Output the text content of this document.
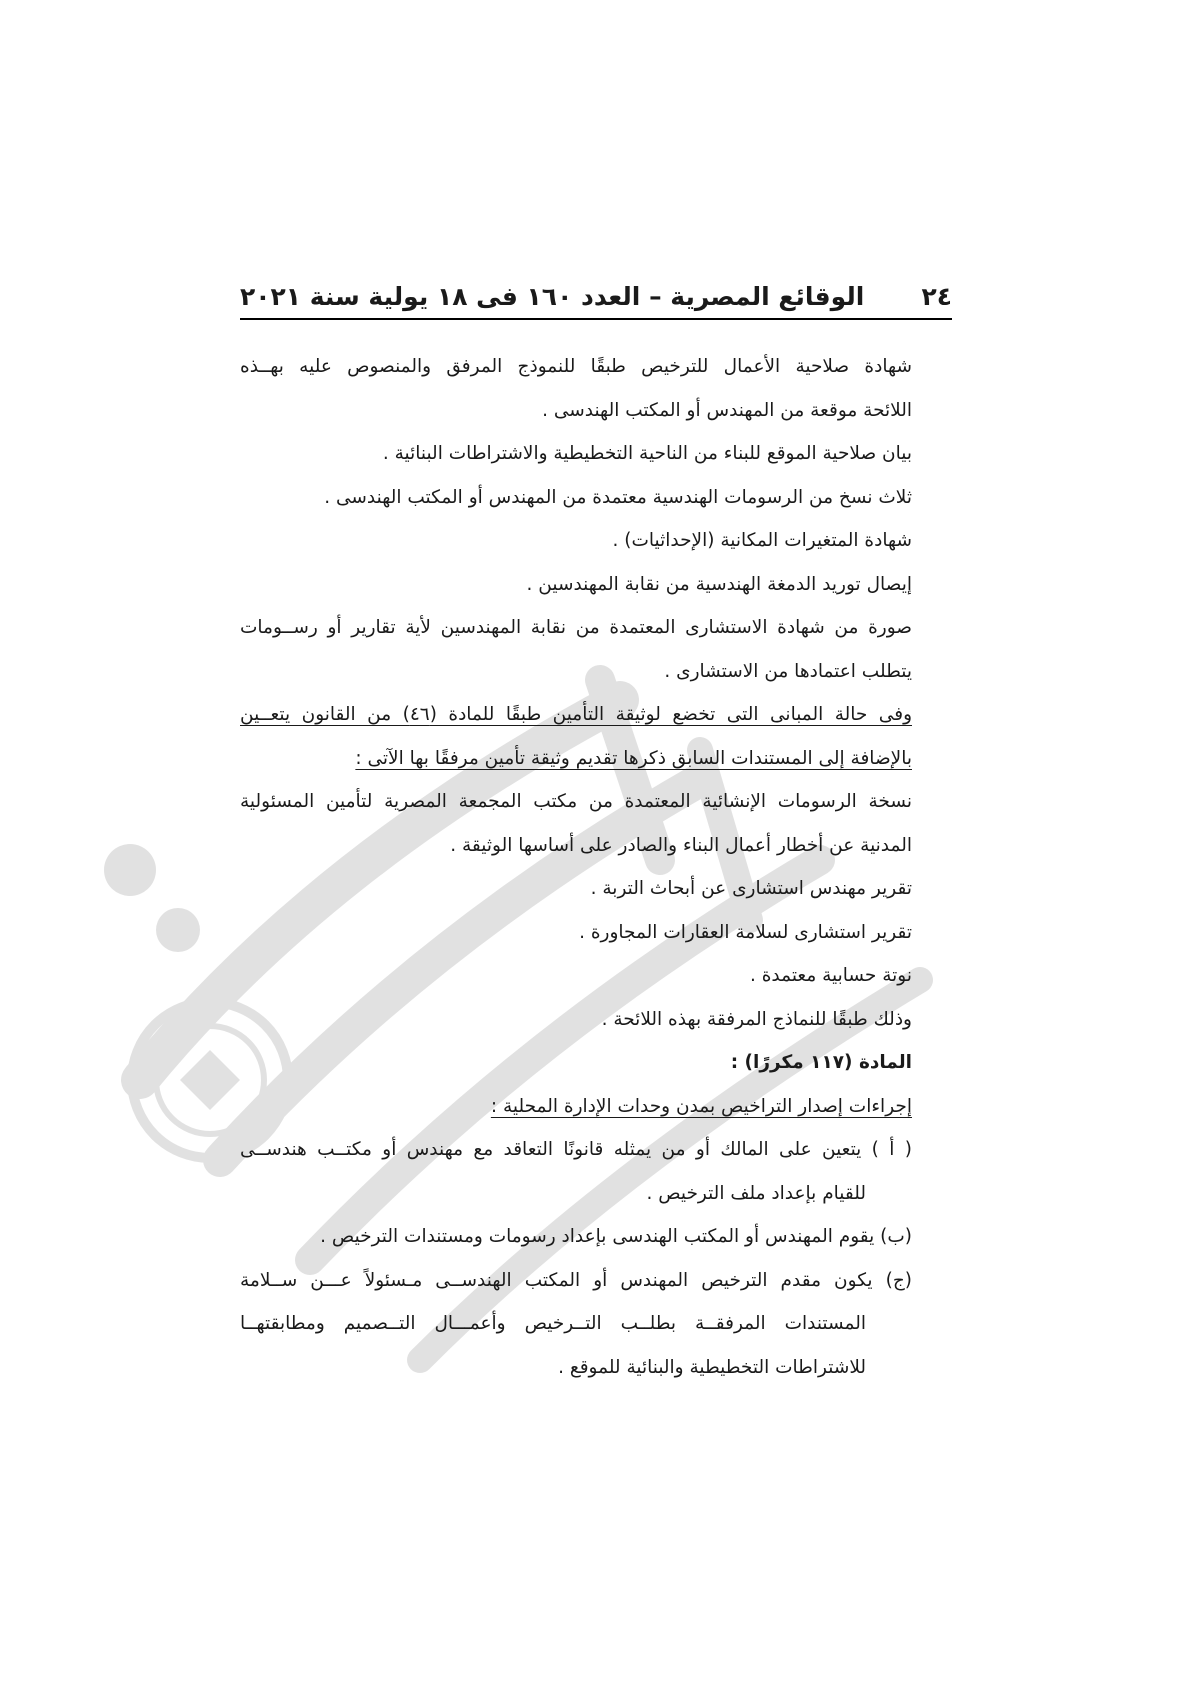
٢٤
الوقائع المصرية – العدد ١٦٠ فى ١٨ يولية سنة ٢٠٢١
شهادة صلاحية الأعمال للترخيص طبقًا للنموذج المرفق والمنصوص عليه بهــذه
اللائحة موقعة من المهندس أو المكتب الهندسى .
بيان صلاحية الموقع للبناء من الناحية التخطيطية والاشتراطات البنائية .
ثلاث نسخ من الرسومات الهندسية معتمدة من المهندس أو المكتب الهندسى .
شهادة المتغيرات المكانية (الإحداثيات) .
إيصال توريد الدمغة الهندسية من نقابة المهندسين .
صورة من شهادة الاستشارى المعتمدة من نقابة المهندسين لأية تقارير أو رســومات
يتطلب اعتمادها من الاستشارى .
وفى حالة المبانى التى تخضع لوثيقة التأمين طبقًا للمادة (٤٦) من القانون يتعــين
بالإضافة إلى المستندات السابق ذكرها تقديم وثيقة تأمين مرفقًا بها الآتى :
نسخة الرسومات الإنشائية المعتمدة من مكتب المجمعة المصرية لتأمين المسئولية
المدنية عن أخطار أعمال البناء والصادر على أساسها الوثيقة .
تقرير مهندس استشارى عن أبحاث التربة .
تقرير استشارى لسلامة العقارات المجاورة .
نوتة حسابية معتمدة .
وذلك طبقًا للنماذج المرفقة بهذه اللائحة .
المادة (١١٧ مكررًا) :
إجراءات إصدار التراخيص بمدن وحدات الإدارة المحلية :
( أ ) يتعين على المالك أو من يمثله قانونًا التعاقد مع مهندس أو مكتــب هندســى
للقيام بإعداد ملف الترخيص .
(ب) يقوم المهندس أو المكتب الهندسى بإعداد رسومات ومستندات الترخيص .
(ج) يكون مقدم الترخيص المهندس أو المكتب الهندســى مـسئولاً عـــن ســلامة
المستندات المرفقــة بطلــب التــرخيص وأعمـــال التــصميم ومطابقتهــا
للاشتراطات التخطيطية والبنائية للموقع .
